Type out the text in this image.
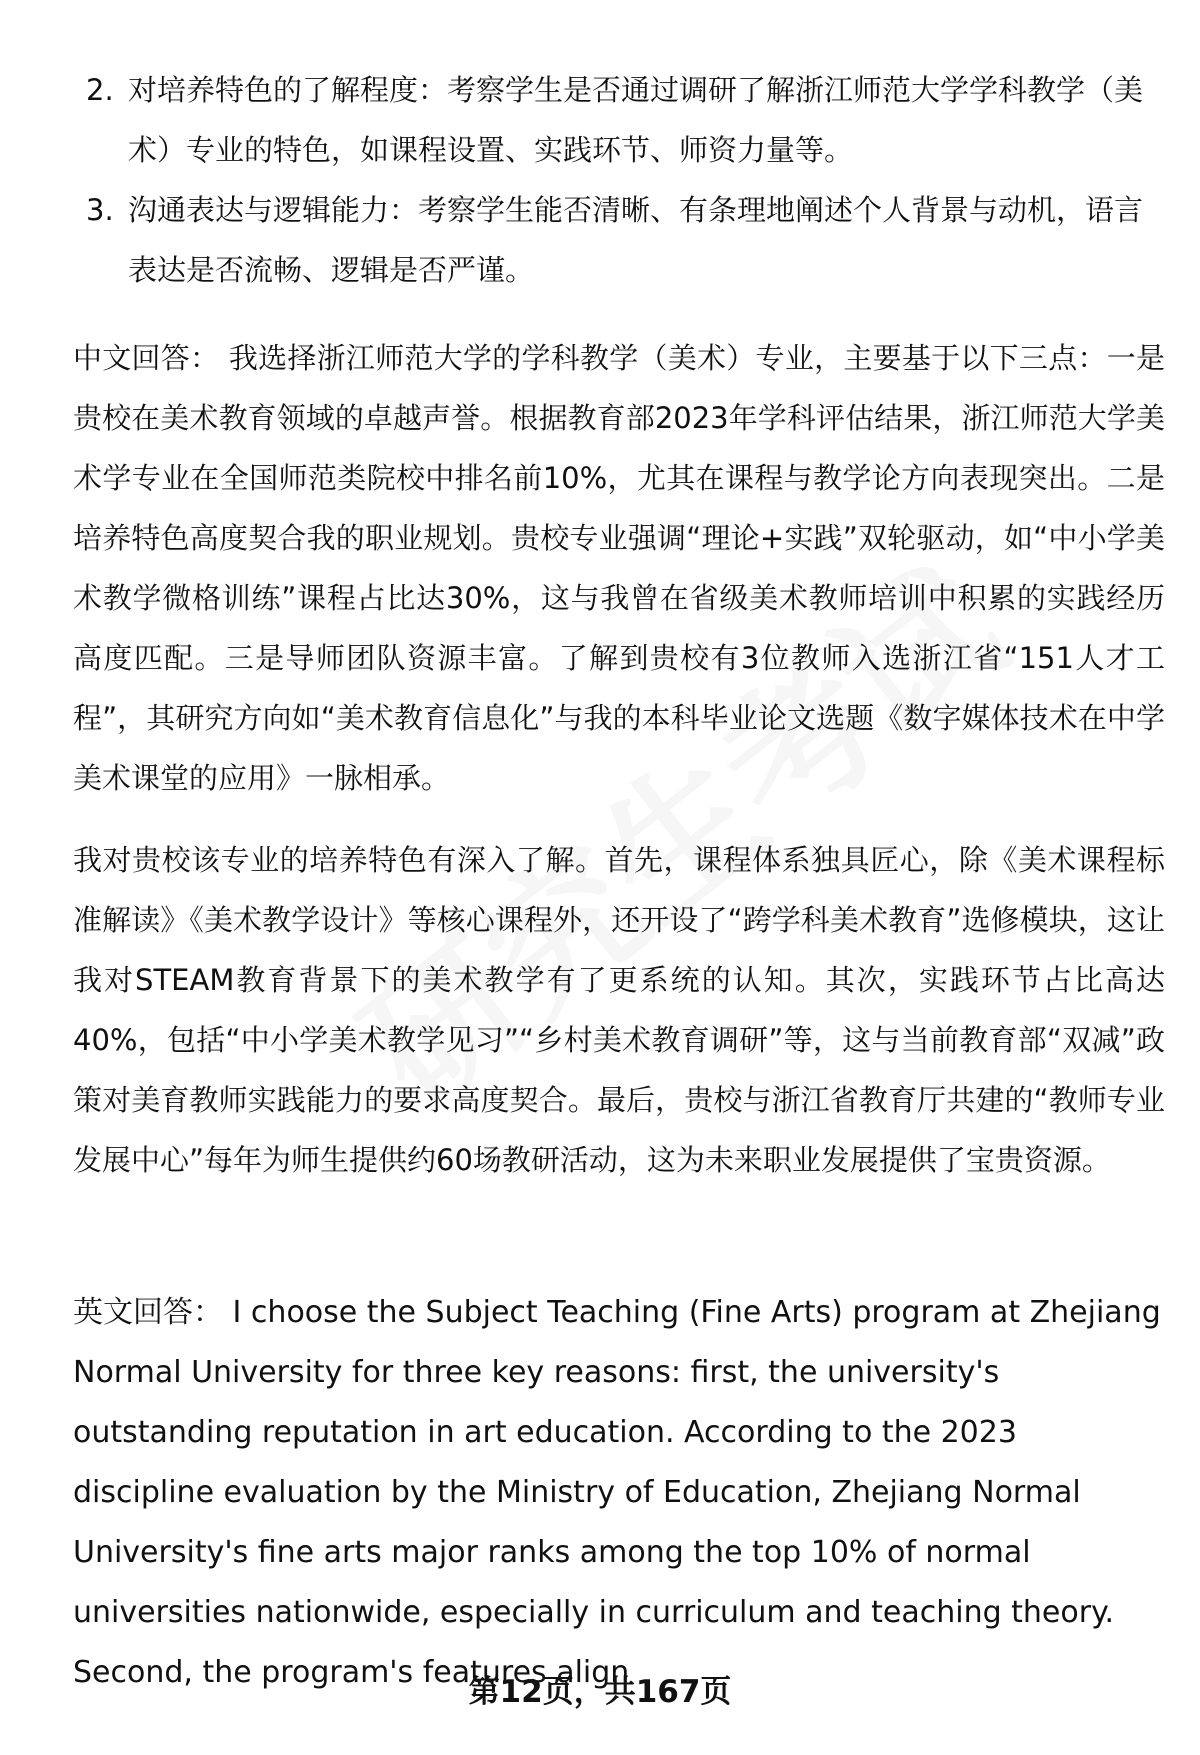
2. 对培养特色的了解程度：考察学生是否通过调研了解浙江师范大学学科教学（美术）专业的特色，如课程设置、实践环节、师资力量等。
3. 沟通表达与逻辑能力：考察学生能否清晰、有条理地阐述个人背景与动机，语言表达是否流畅、逻辑是否严谨。

中文回答： 我选择浙江师范大学的学科教学（美术）专业，主要基于以下三点：一是贵校在美术教育领域的卓越声誉。根据教育部2023年学科评估结果，浙江师范大学美术学专业在全国师范类院校中排名前10%，尤其在课程与教学论方向表现突出。二是培养特色高度契合我的职业规划。贵校专业强调“理论+实践”双轮驱动，如“中小学美术教学微格训练”课程占比达30%，这与我曾在省级美术教师培训中积累的实践经历高度匹配。三是导师团队资源丰富。了解到贵校有3位教师入选浙江省“151人才工程”，其研究方向如“美术教育信息化”与我的本科毕业论文选题《数字媒体技术在中学美术课堂的应用》一脉相承。

我对贵校该专业的培养特色有深入了解。首先，课程体系独具匠心，除《美术课程标准解读》《美术教学设计》等核心课程外，还开设了“跨学科美术教育”选修模块，这让我对STEAM教育背景下的美术教学有了更系统的认知。其次，实践环节占比高达40%，包括“中小学美术教学见习”“乡村美术教育调研”等，这与当前教育部“双减”政策对美育教师实践能力的要求高度契合。最后，贵校与浙江省教育厅共建的“教师专业发展中心”每年为师生提供约60场教研活动，这为未来职业发展提供了宝贵资源。

英文回答： I choose the Subject Teaching (Fine Arts) program at Zhejiang Normal University for three key reasons: first, the university's outstanding reputation in art education. According to the 2023 discipline evaluation by the Ministry of Education, Zhejiang Normal University's fine arts major ranks among the top 10% of normal universities nationwide, especially in curriculum and teaching theory. Second, the program's features align

第12页，共167页
